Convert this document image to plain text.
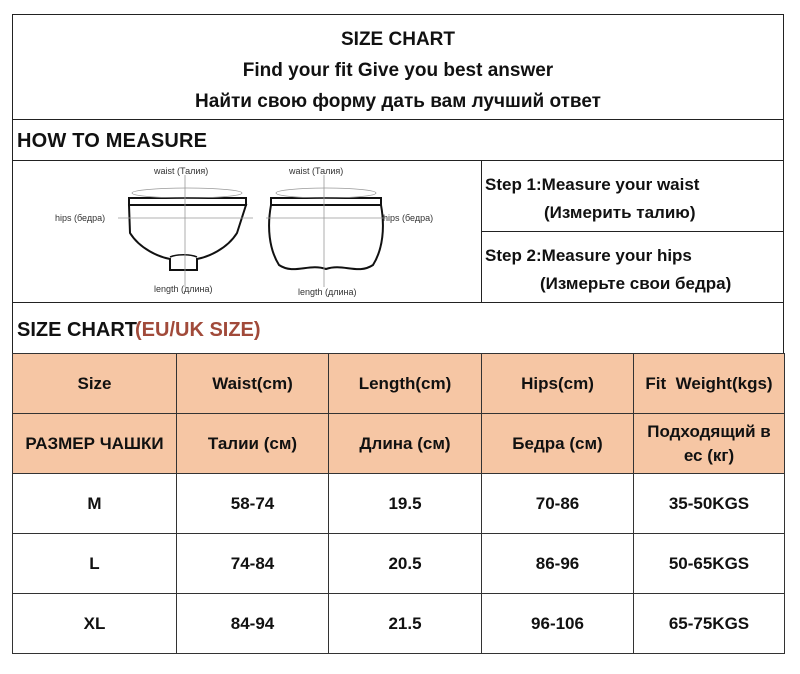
SIZE CHART
Find your fit Give you best answer
Найти свою форму дать вам лучший ответ
HOW TO MEASURE
waist (Талия)	waist (Талия)
hips (бедра)	hips (бедра)
length (длина)	length (длина)
Step 1:Measure your waist
(Измерить талию)
Step 2:Measure your hips
(Измерьте свои бедра)
SIZE CHART
(EU/UK SIZE)
Size	Waist(cm)	Length(cm)	Hips(cm)	Fit  Weight(kgs)
РАЗМЕР ЧАШКИ	Талии (см)	Длина (см)	Бедра (см)	Подходящий в ес (кг)
M	58-74	19.5	70-86	35-50KGS
L	74-84	20.5	86-96	50-65KGS
XL	84-94	21.5	96-106	65-75KGS
